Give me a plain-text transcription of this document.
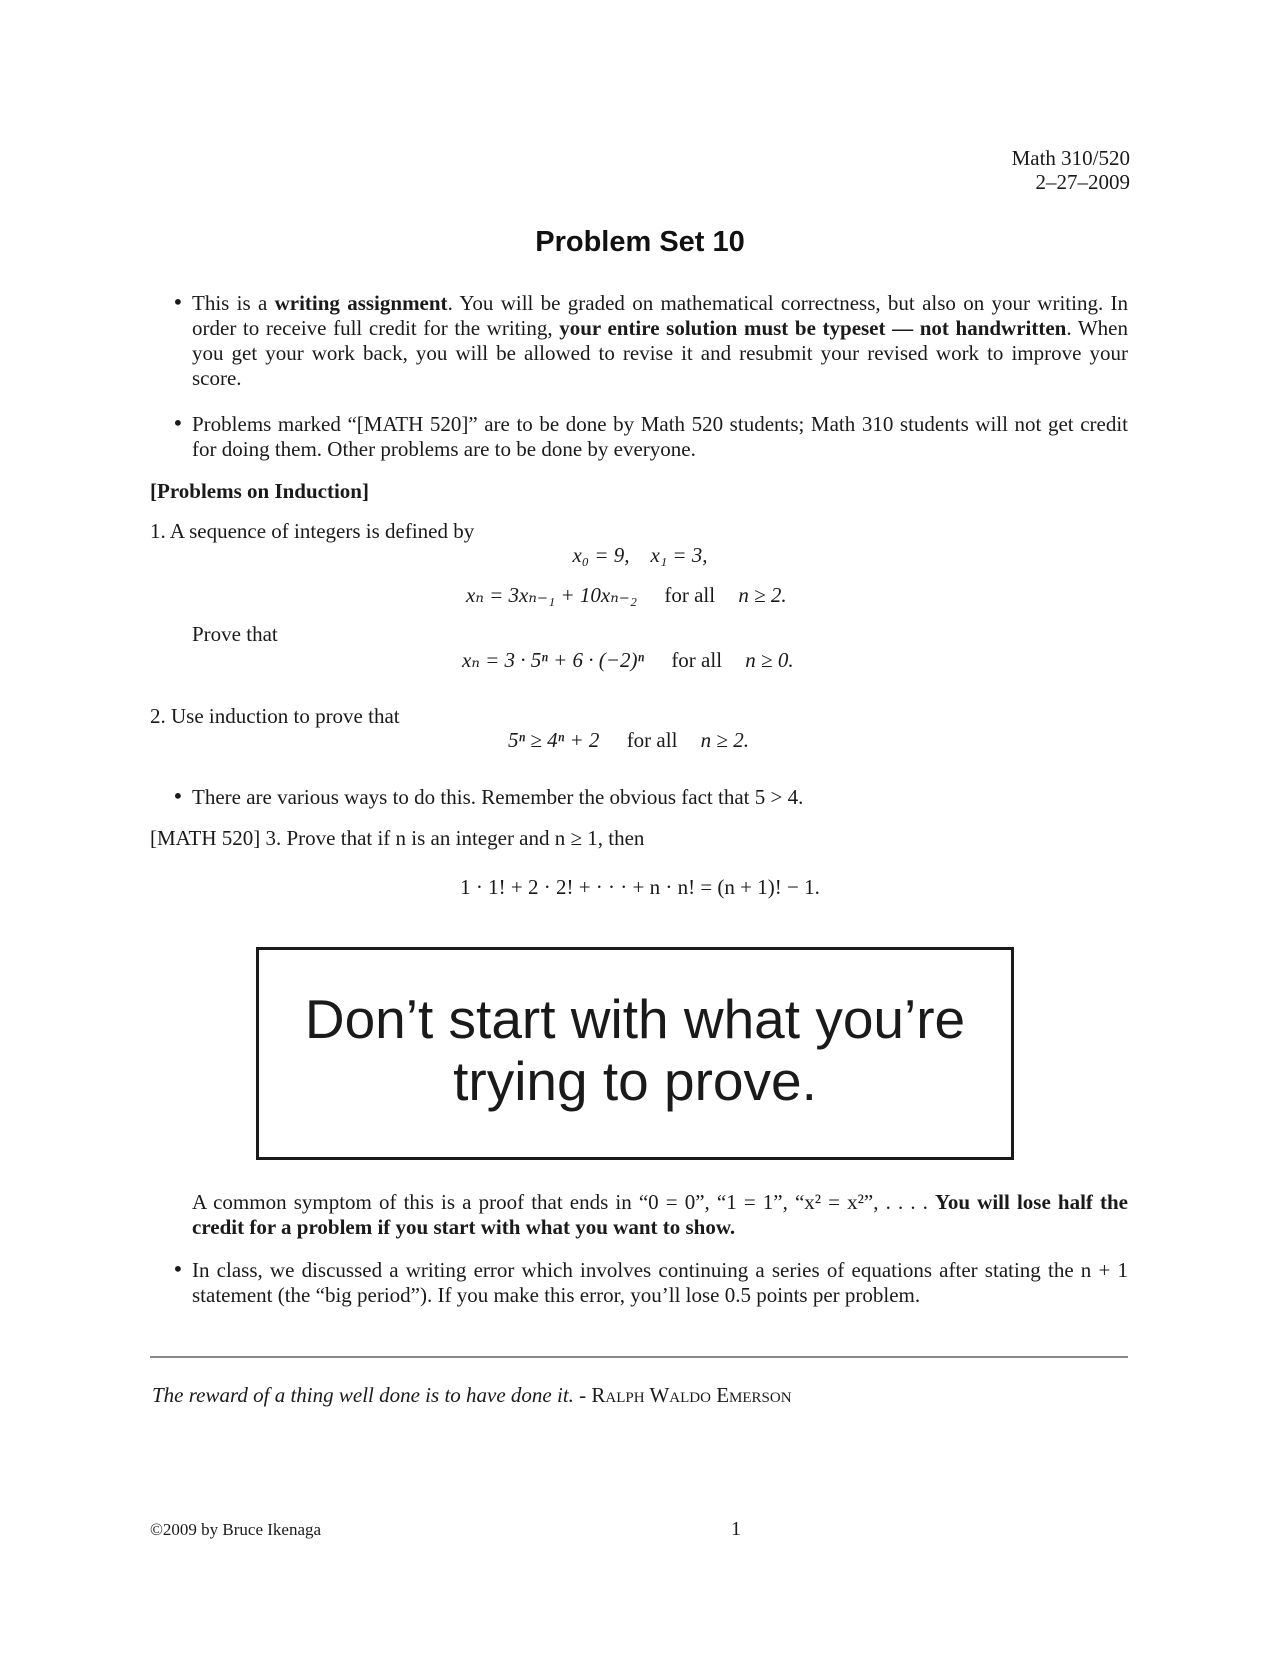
Math 310/520
2–27–2009
Problem Set 10
• This is a writing assignment. You will be graded on mathematical correctness, but also on your writing. In order to receive full credit for the writing, your entire solution must be typeset — not handwritten. When you get your work back, you will be allowed to revise it and resubmit your revised work to improve your score.
• Problems marked “[MATH 520]” are to be done by Math 520 students; Math 310 students will not get credit for doing them. Other problems are to be done by everyone.
[Problems on Induction]
1. A sequence of integers is defined by
x₀ = 9,    x₁ = 3,
xₙ = 3xₙ₋₁ + 10xₙ₋₂ for all n ≥ 2.
Prove that
xₙ = 3 · 5ⁿ + 6 · (−2)ⁿ for all n ≥ 0.
2. Use induction to prove that
5ⁿ ≥ 4ⁿ + 2 for all n ≥ 2.
• There are various ways to do this. Remember the obvious fact that 5 > 4.
[MATH 520] 3. Prove that if n is an integer and n ≥ 1, then
1 · 1! + 2 · 2! + · · · + n · n! = (n + 1)! − 1.
Don’t start with what you’re
trying to prove.
A common symptom of this is a proof that ends in “0 = 0”, “1 = 1”, “x² = x²”, . . . . You will lose half the credit for a problem if you start with what you want to show.
• In class, we discussed a writing error which involves continuing a series of equations after stating the n + 1 statement (the “big period”). If you make this error, you’ll lose 0.5 points per problem.
The reward of a thing well done is to have done it. - Ralph Waldo Emerson
©2009 by Bruce Ikenaga	1
